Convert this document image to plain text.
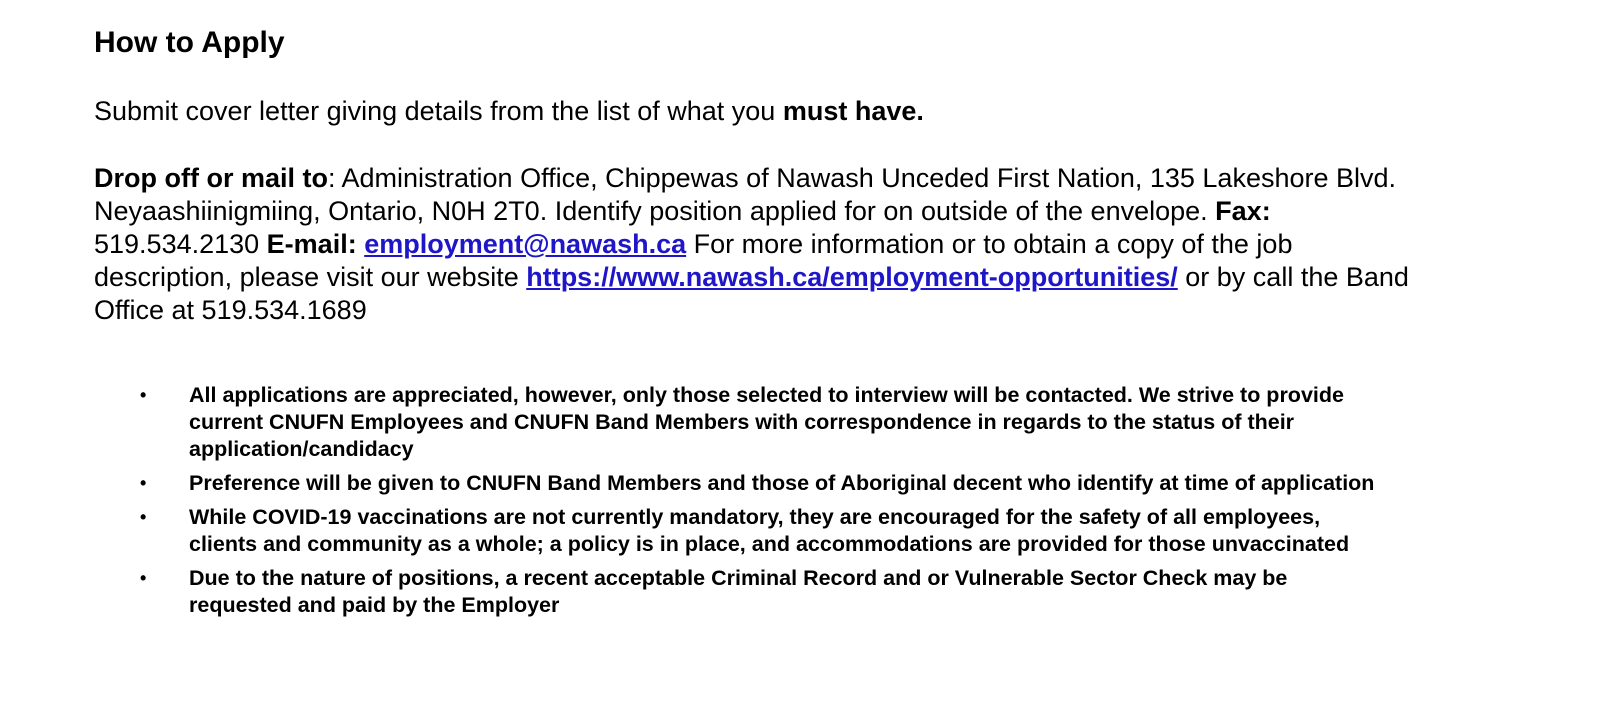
How to Apply

Submit cover letter giving details from the list of what you must have.

Drop off or mail to: Administration Office, Chippewas of Nawash Unceded First Nation, 135 Lakeshore Blvd.
Neyaashiinigmiing, Ontario, N0H 2T0. Identify position applied for on outside of the envelope. Fax:
519.534.2130 E-mail: employment@nawash.ca For more information or to obtain a copy of the job
description, please visit our website https://www.nawash.ca/employment-opportunities/ or by call the Band
Office at 519.534.1689

• All applications are appreciated, however, only those selected to interview will be contacted. We strive to provide
current CNUFN Employees and CNUFN Band Members with correspondence in regards to the status of their
application/candidacy
• Preference will be given to CNUFN Band Members and those of Aboriginal decent who identify at time of application
• While COVID-19 vaccinations are not currently mandatory, they are encouraged for the safety of all employees,
clients and community as a whole; a policy is in place, and accommodations are provided for those unvaccinated
• Due to the nature of positions, a recent acceptable Criminal Record and or Vulnerable Sector Check may be
requested and paid by the Employer
